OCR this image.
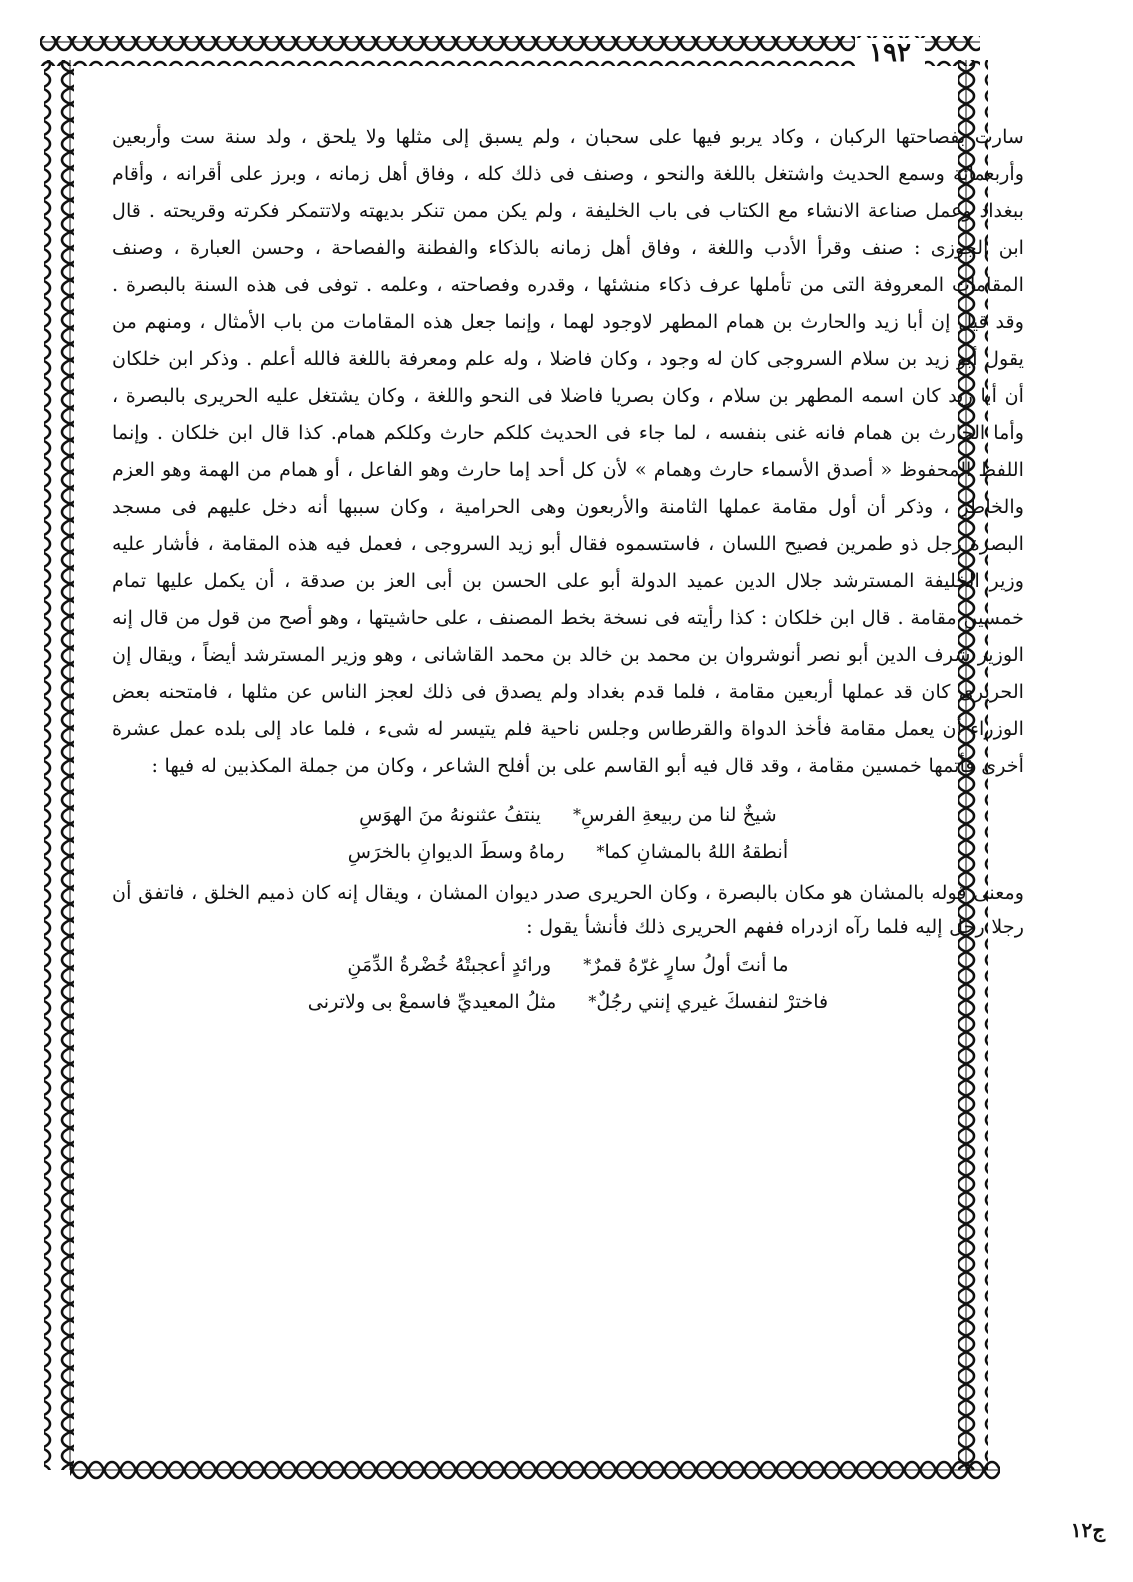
١٩٢

سارت بفصاحتها الركبان ، وكاد يربو فيها على سحبان ، ولم يسبق إلى مثلها ولا يلحق ، ولد سنة ست وأربعين وأربعمائة وسمع الحديث واشتغل باللغة والنحو ، وصنف فى ذلك كله ، وفاق أهل زمانه ، وبرز على أقرانه ، وأقام ببغداد وعمل صناعة الانشاء مع الكتاب فى باب الخليفة ، ولم يكن ممن تنكر بديهته ولاتتمكر فكرته وقريحته . قال ابن الجوزى : صنف وقرأ الأدب واللغة ، وفاق أهل زمانه بالذكاء والفطنة والفصاحة ، وحسن العبارة ، وصنف المقامات المعروفة التى من تأملها عرف ذكاء منشئها ، وقدره وفصاحته ، وعلمه . توفى فى هذه السنة بالبصرة . وقد قيل إن أبا زيد والحارث بن همام المطهر لاوجود لهما ، وإنما جعل هذه المقامات من باب الأمثال ، ومنهم من يقول أبو زيد بن سلام السروجى كان له وجود ، وكان فاضلا ، وله علم ومعرفة باللغة فالله أعلم . وذكر ابن خلكان أن أبا زيد كان اسمه المطهر بن سلام ، وكان بصريا فاضلا فى النحو واللغة ، وكان يشتغل عليه الحريرى بالبصرة ، وأما الحارث بن همام فانه غنى بنفسه ، لما جاء فى الحديث كلكم حارث وكلكم همام. كذا قال ابن خلكان . وإنما اللفظ المحفوظ « أصدق الأسماء حارث وهمام » لأن كل أحد إما حارث وهو الفاعل ، أو همام من الهمة وهو العزم والخاطر ، وذكر أن أول مقامة عملها الثامنة والأربعون وهى الحرامية ، وكان سببها أنه دخل عليهم فى مسجد البصرة رجل ذو طمرين فصيح اللسان ، فاستسموه فقال أبو زيد السروجى ، فعمل فيه هذه المقامة ، فأشار عليه وزير الخليفة المسترشد جلال الدين عميد الدولة أبو على الحسن بن أبى العز بن صدقة ، أن يكمل عليها تمام خمسين مقامة . قال ابن خلكان : كذا رأيته فى نسخة بخط المصنف ، على حاشيتها ، وهو أصح من قول من قال إنه الوزير شرف الدين أبو نصر أنوشروان بن محمد بن خالد بن محمد القاشانى ، وهو وزير المسترشد أيضاً ، ويقال إن الحريرى كان قد عملها أربعين مقامة ، فلما قدم بغداد ولم يصدق فى ذلك لعجز الناس عن مثلها ، فامتحنه بعض الوزراء أن يعمل مقامة فأخذ الدواة والقرطاس وجلس ناحية فلم يتيسر له شىء ، فلما عاد إلى بلده عمل عشرة أخرى فأتمها خمسين مقامة ، وقد قال فيه أبو القاسم على بن أفلح الشاعر ، وكان من جملة المكذبين له فيها :

شيخٌ لنا من ربيعةِ الفرسِ
*
ينتفُ عثنونهُ منَ الهوَسِ
أنطقهُ اللهُ بالمشانِ كما
*
رماهُ وسطَ الديوانِ بالخرَسِ

ومعنى قوله بالمشان هو مكان بالبصرة ، وكان الحريرى صدر ديوان المشان ، ويقال إنه كان ذميم الخلق ، فاتفق أن رجلا رحل إليه فلما رآه ازدراه ففهم الحريرى ذلك فأنشأ يقول :

ما أنتَ أولُ سارٍ غرّهُ قمرٌ
*
ورائدٍ أعجبتْهُ خُضْرةُ الدِّمَنِ
فاخترْ لنفسكَ غيري إنني رجُلٌ
*
مثلُ المعيديِّ فاسمعْ بى ولاترنى
ج١٢
